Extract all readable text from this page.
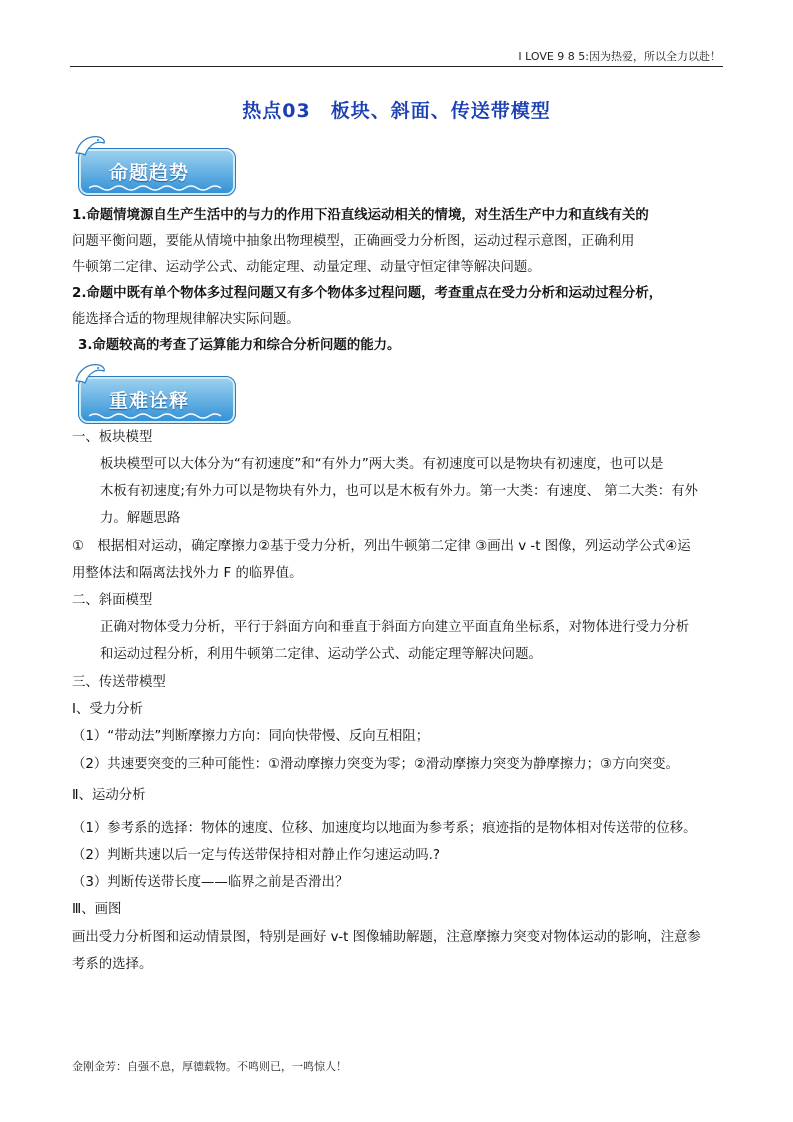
I LOVE 9 8 5:因为热爱，所以全力以赴！
热点03　板块、斜面、传送带模型
命题趋势
1.命题情境源自生产生活中的与力的作用下沿直线运动相关的情境，对生活生产中力和直线有关的
问题平衡问题，要能从情境中抽象出物理模型，正确画受力分析图，运动过程示意图，正确利用
牛顿第二定律、运动学公式、动能定理、动量定理、动量守恒定律等解决问题。
2.命题中既有单个物体多过程问题又有多个物体多过程问题，考查重点在受力分析和运动过程分析，
能选择合适的物理规律解决实际问题。
3.命题较高的考查了运算能力和综合分析问题的能力。
重难诠释
一、板块模型
板块模型可以大体分为“有初速度”和“有外力”两大类。有初速度可以是物块有初速度，也可以是
木板有初速度;有外力可以是物块有外力，也可以是木板有外力。第一大类：有速度、 第二大类：有外
力。解题思路
①　根据相对运动，确定摩擦力②基于受力分析，列出牛顿第二定律 ③画出 v -t 图像，列运动学公式④运
用整体法和隔离法找外力 F 的临界值。
二、斜面模型
正确对物体受力分析，平行于斜面方向和垂直于斜面方向建立平面直角坐标系，对物体进行受力分析
和运动过程分析，利用牛顿第二定律、运动学公式、动能定理等解决问题。
三、传送带模型
Ⅰ、受力分析
（1）“带动法”判断摩擦力方向：同向快带慢、反向互相阻；
（2）共速要突变的三种可能性：①滑动摩擦力突变为零；②滑动摩擦力突变为静摩擦力；③方向突变。
Ⅱ、运动分析
（1）参考系的选择：物体的速度、位移、加速度均以地面为参考系；痕迹指的是物体相对传送带的位移。
（2）判断共速以后一定与传送带保持相对静止作匀速运动吗.?
（3）判断传送带长度——临界之前是否滑出？
Ⅲ、画图
画出受力分析图和运动情景图，特别是画好 v-t 图像辅助解题，注意摩擦力突变对物体运动的影响，注意参
考系的选择。
金刚金芳：自强不息，厚德载物。不鸣则已，一鸣惊人！
